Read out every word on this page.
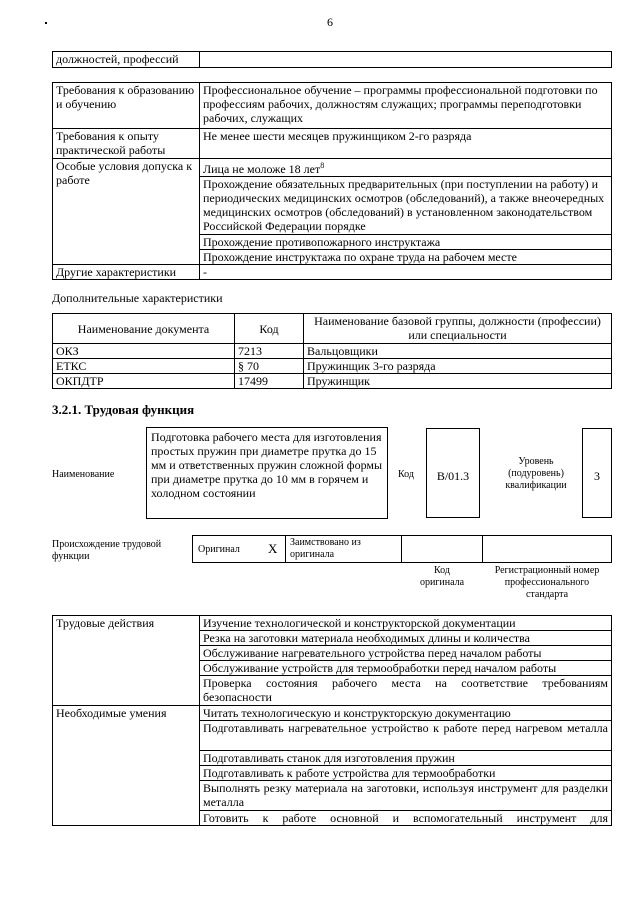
6
должностей, профессий	
Требования к образованию и обучению	Профессиональное обучение – программы профессиональной подготовки по профессиям рабочих, должностям служащих; программы переподготовки рабочих, служащих
Требования к опыту практической работы	Не менее шести месяцев пружинщиком 2-го разряда
Особые условия допуска к работе	Лица не моложе 18 лет$^8$
	Прохождение обязательных предварительных (при поступлении на работу) и периодических медицинских осмотров (обследований), а также внеочередных медицинских осмотров (обследований) в установленном законодательством Российской Федерации порядке
	Прохождение противопожарного инструктажа
	Прохождение инструктажа по охране труда на рабочем месте
Другие характеристики	-
Дополнительные характеристики
Наименование документа	Код	Наименование базовой группы, должности (профессии) или специальности
ОКЗ	7213	Вальцовщики
ЕТКС	§ 70	Пружинщик 3-го разряда
ОКПДТР	17499	Пружинщик
3.2.1. Трудовая функция
Наименование
Подготовка рабочего места для изготовления простых пружин при диаметре прутка до 15 мм и ответственных пружин сложной формы при диаметре прутка до 10 мм в горячем и холодном состоянии
Код	B/01.3
Уровень (подуровень) квалификации
3
Происхождение трудовой функции
Оригинал X Заимствовано из оригинала
Код оригинала
Регистрационный номер профессионального стандарта
Трудовые действия	Изучение технологической и конструкторской документации
	Резка на заготовки материала необходимых длины и количества
	Обслуживание нагревательного устройства перед началом работы
	Обслуживание устройств для термообработки перед началом работы
	Проверка состояния рабочего места на соответствие требованиям безопасности
Необходимые умения	Читать технологическую и конструкторскую документацию
	Подготавливать нагревательное устройство к работе перед нагревом металла
	Подготавливать станок для изготовления пружин
	Подготавливать к работе устройства для термообработки
	Выполнять резку материала на заготовки, используя инструмент для разделки металла
	Готовить к работе основной и вспомогательный инструмент для
